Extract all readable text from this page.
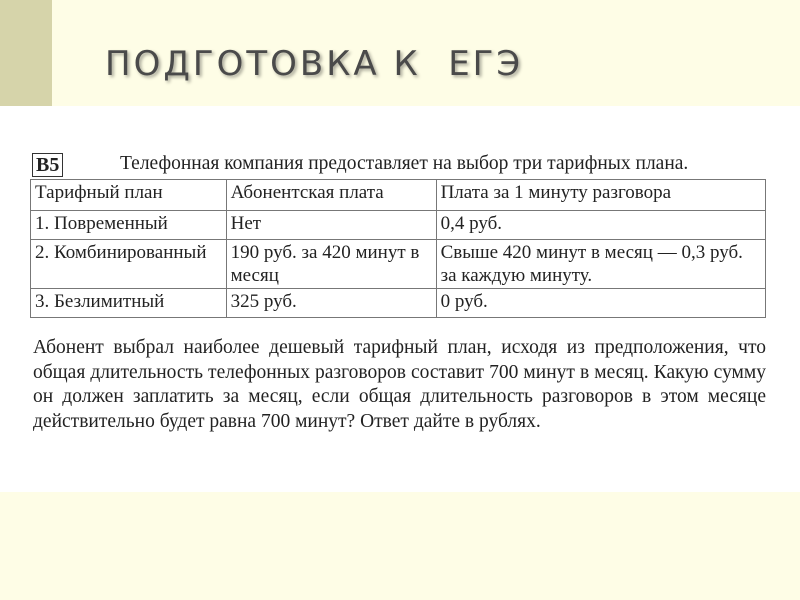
ПОДГОТОВКА К  ЕГЭ
B5	Телефонная компания предоставляет на выбор три тарифных плана.
Тарифный план	Абонентская плата	Плата за 1 минуту разговора
1. Повременный	Нет	0,4 руб.
2. Комбинированный	190 руб. за 420 минут в месяц	Свыше 420 минут в месяц — 0,3 руб. за каждую минуту.
3. Безлимитный	325 руб.	0 руб.
Абонент выбрал наиболее дешевый тарифный план, исходя из предположения, что общая длительность телефонных разговоров составит 700 минут в месяц. Какую сумму он должен заплатить за месяц, если общая длительность разговоров в этом месяце действительно будет равна 700 минут? Ответ дайте в рублях.
